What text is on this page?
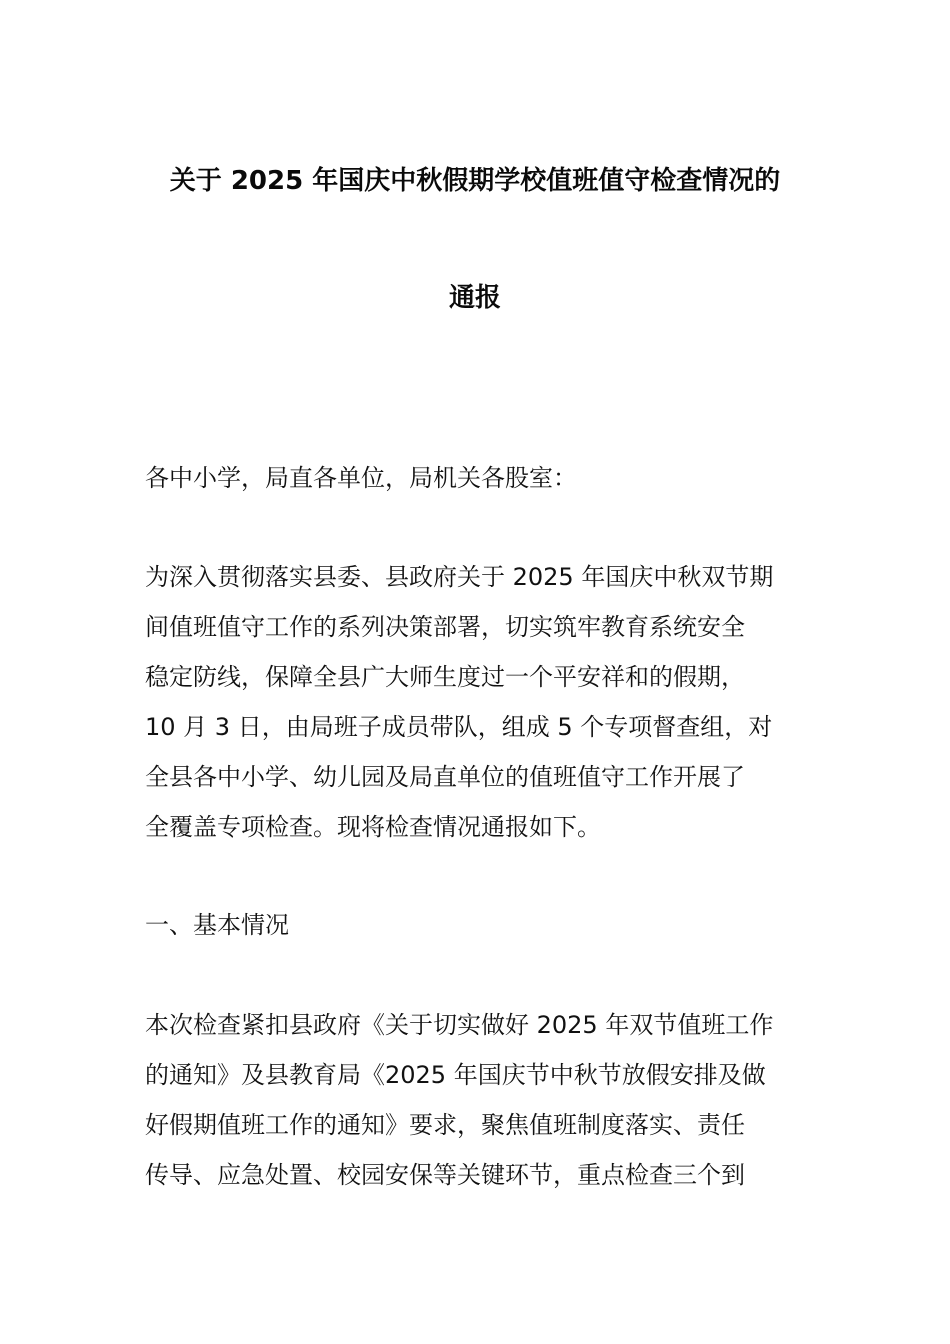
关于 2025 年国庆中秋假期学校值班值守检查情况的
通报
各中小学，局直各单位，局机关各股室：
为深入贯彻落实县委、县政府关于 2025 年国庆中秋双节期
间值班值守工作的系列决策部署，切实筑牢教育系统安全
稳定防线，保障全县广大师生度过一个平安祥和的假期，
10 月 3 日，由局班子成员带队，组成 5 个专项督查组，对
全县各中小学、幼儿园及局直单位的值班值守工作开展了
全覆盖专项检查。现将检查情况通报如下。
一、基本情况
本次检查紧扣县政府《关于切实做好 2025 年双节值班工作
的通知》及县教育局《2025 年国庆节中秋节放假安排及做
好假期值班工作的通知》要求，聚焦值班制度落实、责任
传导、应急处置、校园安保等关键环节，重点检查三个到
